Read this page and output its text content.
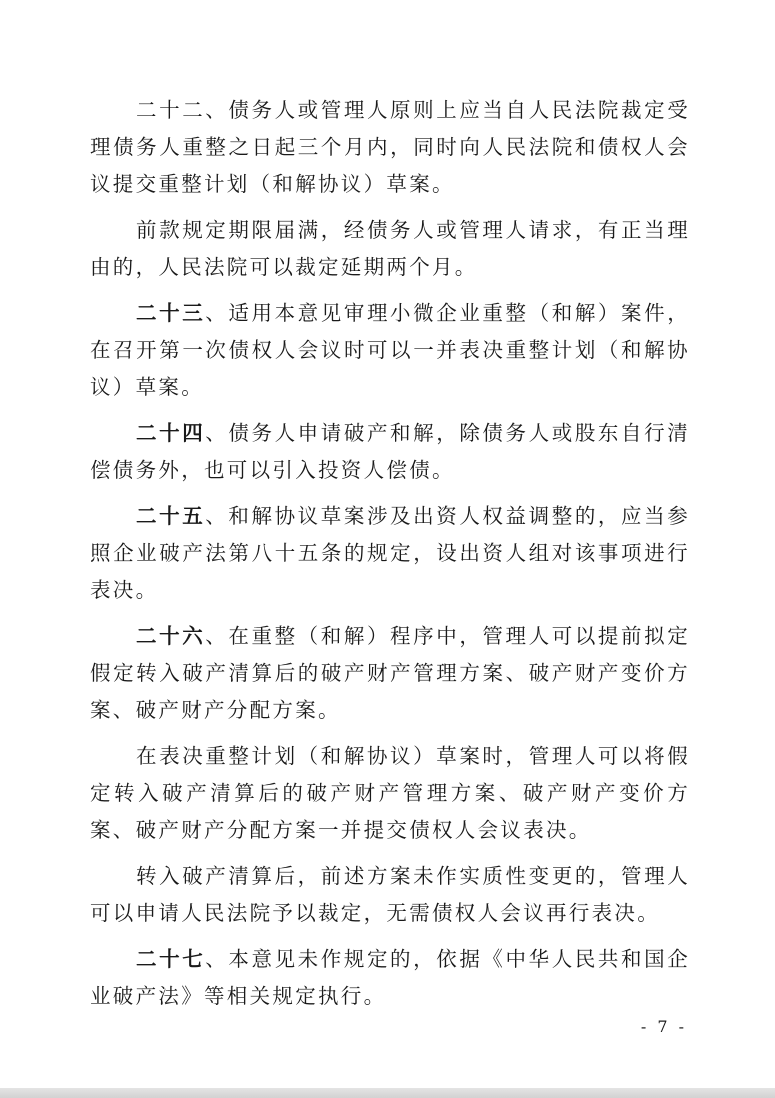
二十二、债务人或管理人原则上应当自人民法院裁定受理债务人重整之日起三个月内，同时向人民法院和债权人会议提交重整计划（和解协议）草案。

前款规定期限届满，经债务人或管理人请求，有正当理由的，人民法院可以裁定延期两个月。

二十三、适用本意见审理小微企业重整（和解）案件，在召开第一次债权人会议时可以一并表决重整计划（和解协议）草案。

二十四、债务人申请破产和解，除债务人或股东自行清偿债务外，也可以引入投资人偿债。

二十五、和解协议草案涉及出资人权益调整的，应当参照企业破产法第八十五条的规定，设出资人组对该事项进行表决。

二十六、在重整（和解）程序中，管理人可以提前拟定假定转入破产清算后的破产财产管理方案、破产财产变价方案、破产财产分配方案。

在表决重整计划（和解协议）草案时，管理人可以将假定转入破产清算后的破产财产管理方案、破产财产变价方案、破产财产分配方案一并提交债权人会议表决。

转入破产清算后，前述方案未作实质性变更的，管理人可以申请人民法院予以裁定，无需债权人会议再行表决。

二十七、本意见未作规定的，依据《中华人民共和国企业破产法》等相关规定执行。

- 7 -
